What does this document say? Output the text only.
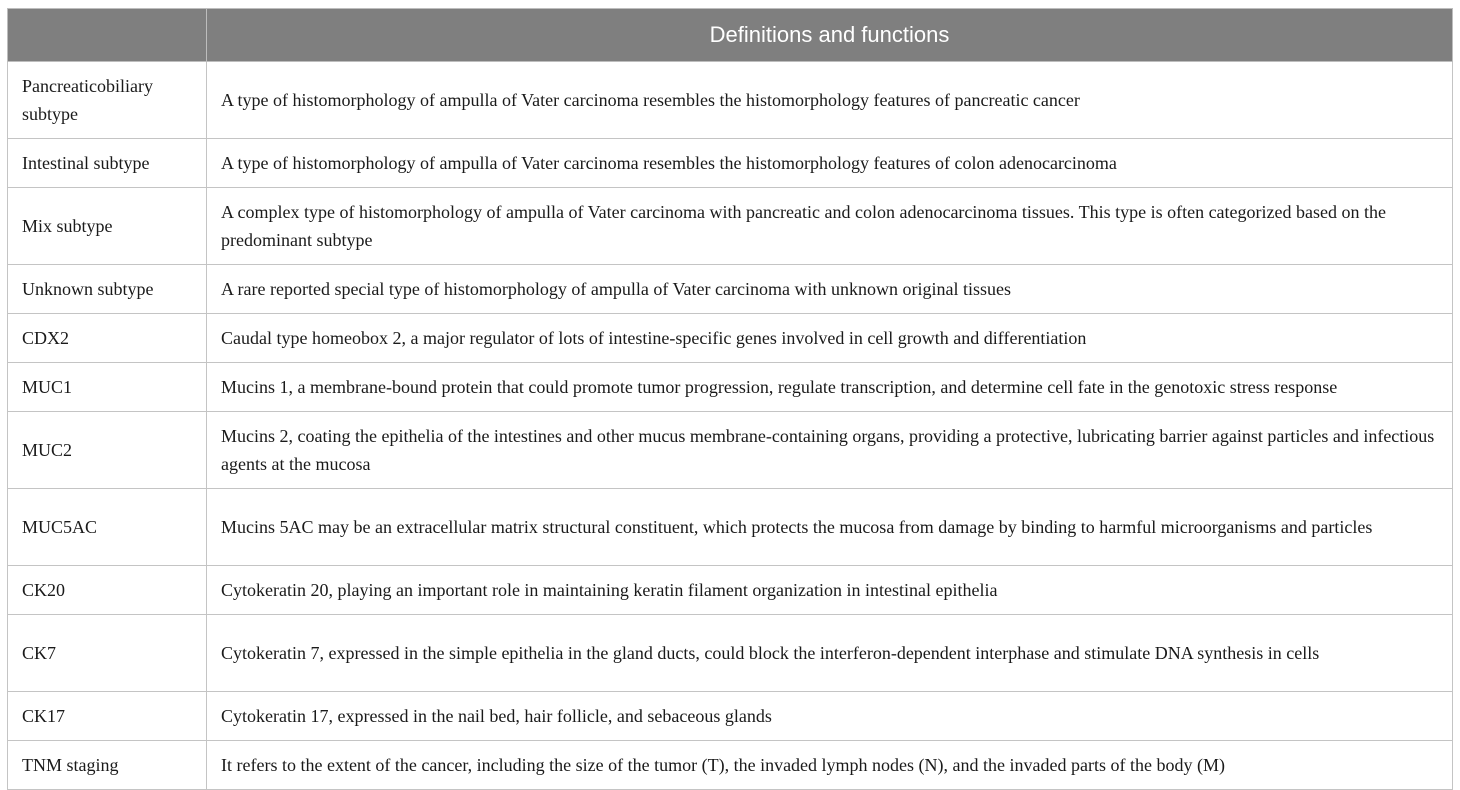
	Definitions and functions
Pancreaticobiliary subtype	A type of histomorphology of ampulla of Vater carcinoma resembles the histomorphology features of pancreatic cancer
Intestinal subtype	A type of histomorphology of ampulla of Vater carcinoma resembles the histomorphology features of colon adenocarcinoma
Mix subtype	A complex type of histomorphology of ampulla of Vater carcinoma with pancreatic and colon adenocarcinoma tissues. This type is often categorized based on the predominant subtype
Unknown subtype	A rare reported special type of histomorphology of ampulla of Vater carcinoma with unknown original tissues
CDX2	Caudal type homeobox 2, a major regulator of lots of intestine-specific genes involved in cell growth and differentiation
MUC1	Mucins 1, a membrane-bound protein that could promote tumor progression, regulate transcription, and determine cell fate in the genotoxic stress response
MUC2	Mucins 2, coating the epithelia of the intestines and other mucus membrane-containing organs, providing a protective, lubricating barrier against particles and infectious agents at the mucosa
MUC5AC	Mucins 5AC may be an extracellular matrix structural constituent, which protects the mucosa from damage by binding to harmful microorganisms and particles
CK20	Cytokeratin 20, playing an important role in maintaining keratin filament organization in intestinal epithelia
CK7	Cytokeratin 7, expressed in the simple epithelia in the gland ducts, could block the interferon-dependent interphase and stimulate DNA synthesis in cells
CK17	Cytokeratin 17, expressed in the nail bed, hair follicle, and sebaceous glands
TNM staging	It refers to the extent of the cancer, including the size of the tumor (T), the invaded lymph nodes (N), and the invaded parts of the body (M)
